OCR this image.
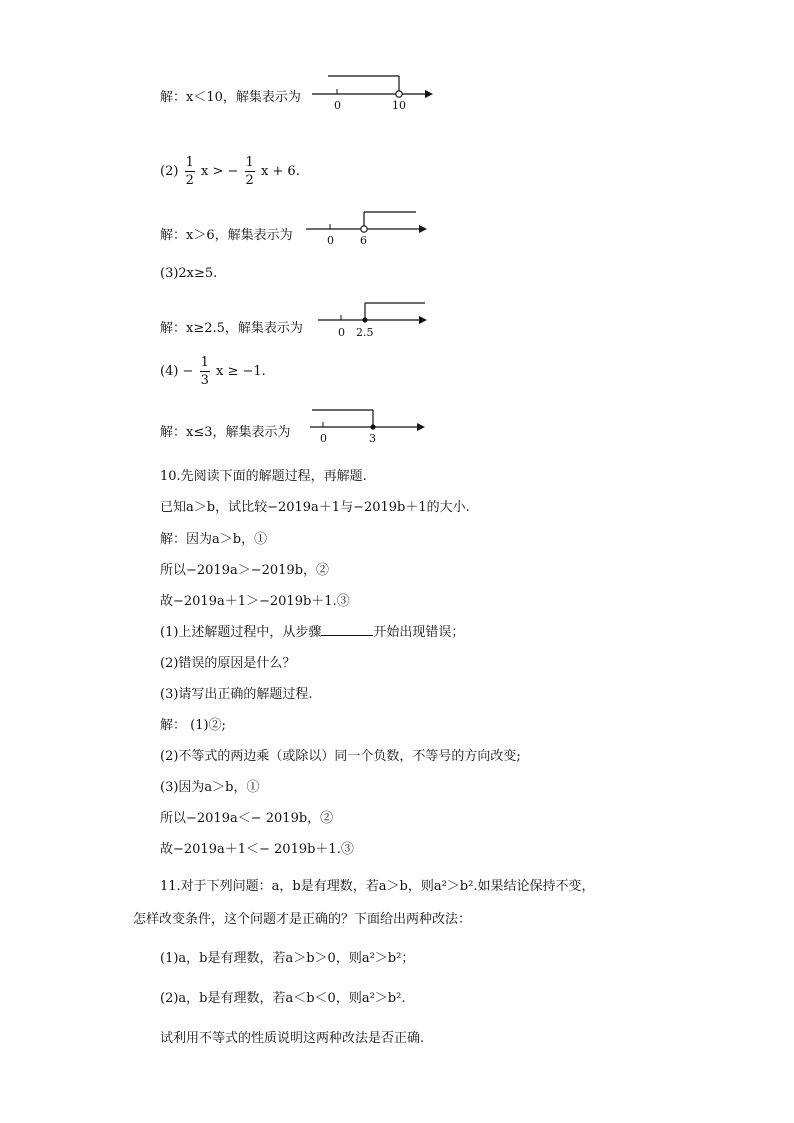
解：x＜10，解集表示为
0	10
$(2) \frac{1}{2}$ x > − $\frac{1}{2}$ x + 6.
解：x＞6，解集表示为	0 6
(3)2x≥5.
解：x≥2.5，解集表示为	0 2.5
$(4) - \frac{1}{3}$ x ≥ −1.
解：x≤3，解集表示为	0	3
10.先阅读下面的解题过程，再解题.
已知a＞b，试比较−2019a＋1与−2019b＋1的大小.
解：因为a＞b，①
所以−2019a＞−2019b，②
故−2019a＋1＞−2019b＋1.③
(1)上述解题过程中，从步骤	开始出现错误；
(2)错误的原因是什么？
(3)请写出正确的解题过程.
解： (1)②;
(2)不等式的两边乘（或除以）同一个负数，不等号的方向改变;
(3)因为a＞b，①
所以−2019a＜− 2019b，②
故−2019a＋1＜− 2019b＋1.③
11.对于下列问题：a，b是有理数，若a＞b，则a²＞b².如果结论保持不变，
怎样改变条件，这个问题才是正确的？下面给出两种改法：
(1)a，b是有理数，若a＞b＞0，则a²＞b²；
(2)a，b是有理数，若a＜b＜0，则a²＞b².
试利用不等式的性质说明这两种改法是否正确.
